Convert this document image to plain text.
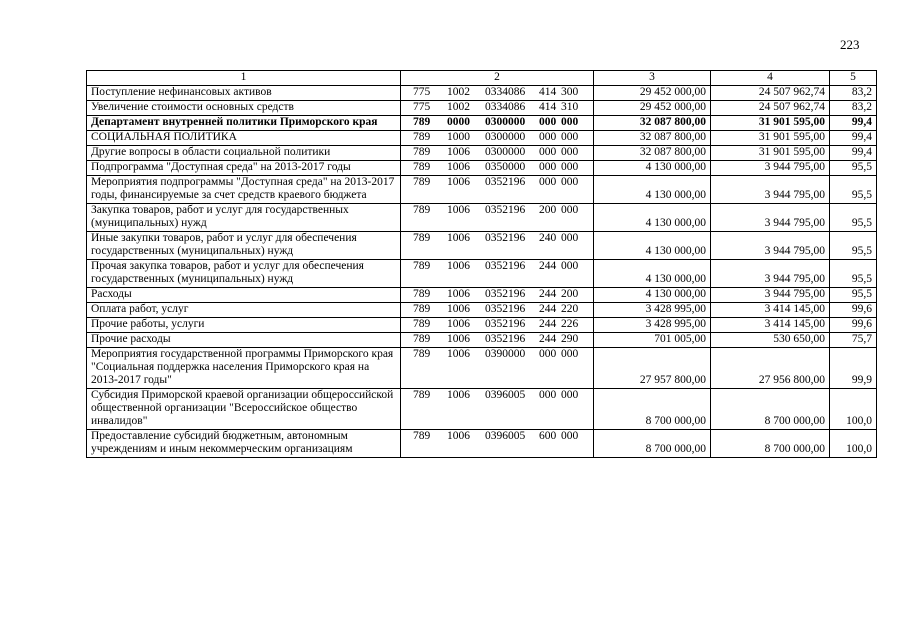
223
1	2	3	4	5
Поступление нефинансовых активов	775 1002 0334086 414 300	29 452 000,00	24 507 962,74	83,2
Увеличение стоимости основных средств	775 1002 0334086 414 310	29 452 000,00	24 507 962,74	83,2
Департамент внутренней политики Приморского края	789 0000 0300000 000 000	32 087 800,00	31 901 595,00	99,4
СОЦИАЛЬНАЯ ПОЛИТИКА	789 1000 0300000 000 000	32 087 800,00	31 901 595,00	99,4
Другие вопросы в области социальной политики	789 1006 0300000 000 000	32 087 800,00	31 901 595,00	99,4
Подпрограмма "Доступная среда" на 2013-2017 годы	789 1006 0350000 000 000	4 130 000,00	3 944 795,00	95,5
Мероприятия подпрограммы "Доступная среда" на 2013-2017 годы, финансируемые за счет средств краевого бюджета	789 1006 0352196 000 000	4 130 000,00	3 944 795,00	95,5
Закупка товаров, работ и услуг для государственных (муниципальных) нужд	789 1006 0352196 200 000	4 130 000,00	3 944 795,00	95,5
Иные закупки товаров, работ и услуг для обеспечения государственных (муниципальных) нужд	789 1006 0352196 240 000	4 130 000,00	3 944 795,00	95,5
Прочая закупка товаров, работ и услуг для обеспечения государственных (муниципальных) нужд	789 1006 0352196 244 000	4 130 000,00	3 944 795,00	95,5
Расходы	789 1006 0352196 244 200	4 130 000,00	3 944 795,00	95,5
Оплата работ, услуг	789 1006 0352196 244 220	3 428 995,00	3 414 145,00	99,6
Прочие работы, услуги	789 1006 0352196 244 226	3 428 995,00	3 414 145,00	99,6
Прочие расходы	789 1006 0352196 244 290	701 005,00	530 650,00	75,7
Мероприятия государственной программы Приморского края "Социальная поддержка населения Приморского края на 2013-2017 годы"	789 1006 0390000 000 000	27 957 800,00	27 956 800,00	99,9
Субсидия Приморской краевой организации общероссийской общественной организации "Всероссийское общество инвалидов"	789 1006 0396005 000 000	8 700 000,00	8 700 000,00	100,0
Предоставление субсидий бюджетным, автономным учреждениям и иным некоммерческим организациям	789 1006 0396005 600 000	8 700 000,00	8 700 000,00	100,0
